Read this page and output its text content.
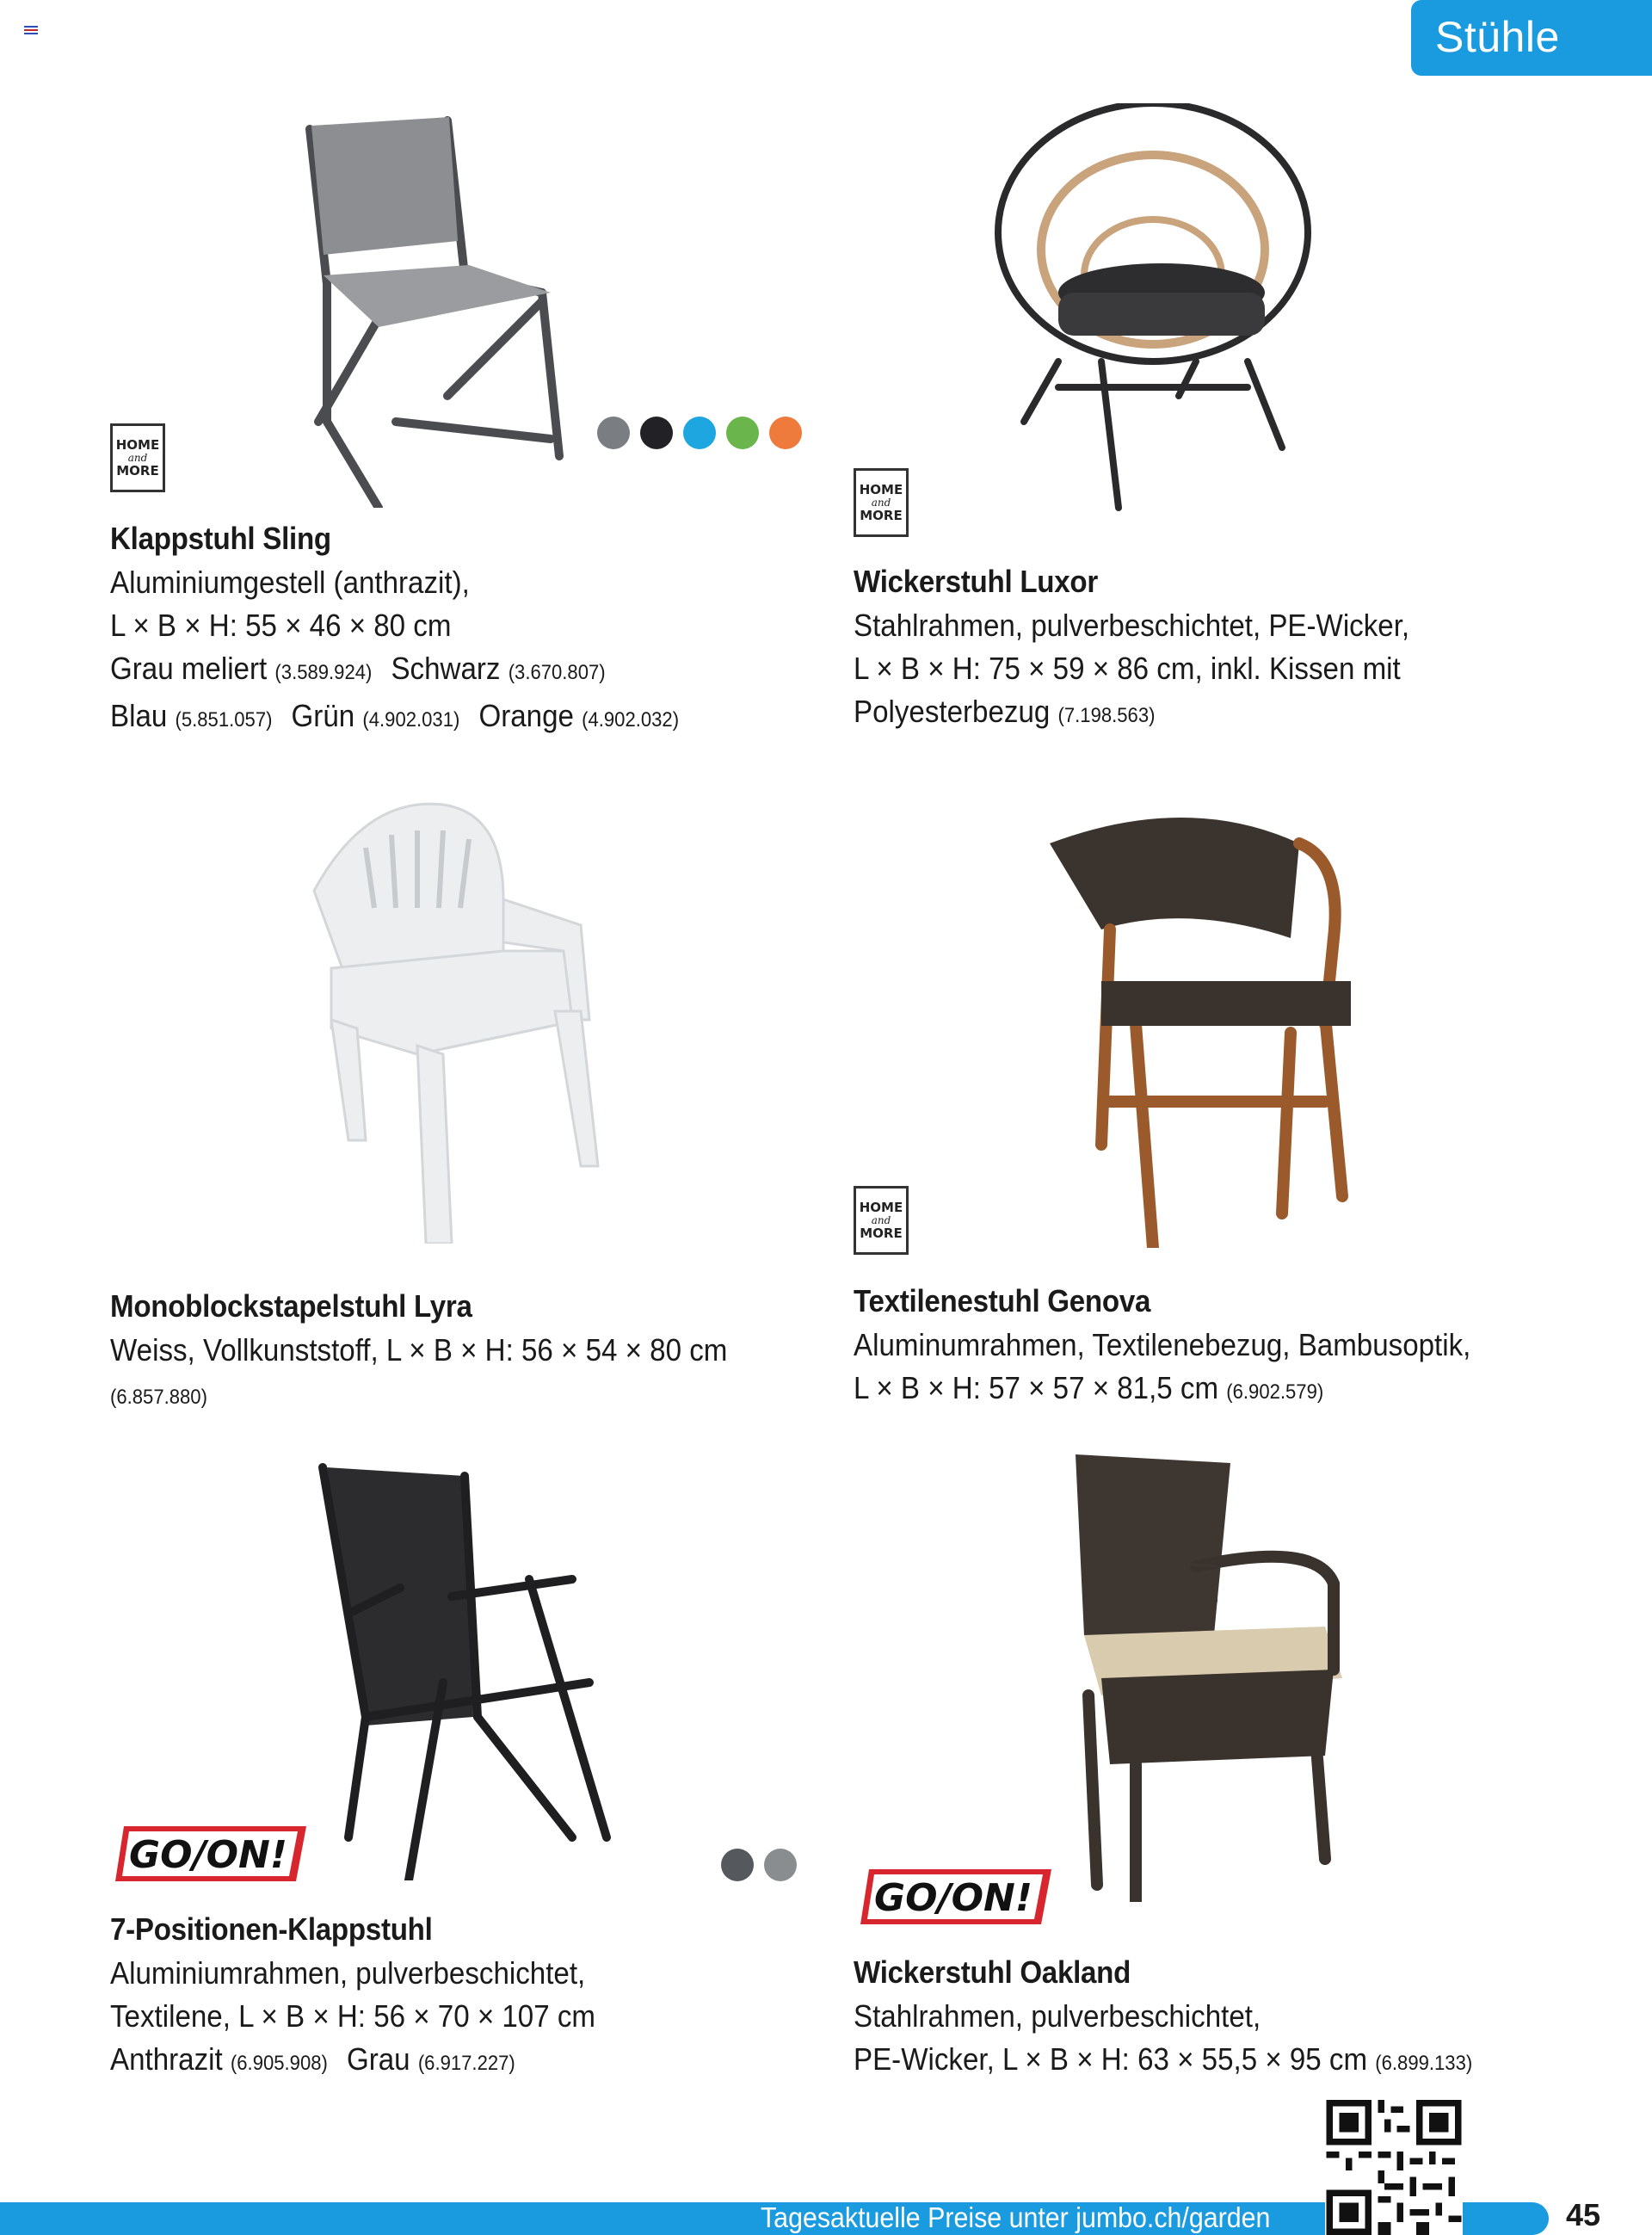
Stühle
HOME
and
MORE
Klappstuhl Sling
Aluminiumgestell (anthrazit),
L × B × H: 55 × 46 × 80 cm
Grau meliert (3.589.924) Schwarz (3.670.807)
Blau (5.851.057) Grün (4.902.031) Orange (4.902.032)
HOME
and
MORE
Wickerstuhl Luxor
Stahlrahmen, pulverbeschichtet, PE-Wicker,
L × B × H: 75 × 59 × 86 cm, inkl. Kissen mit
Polyesterbezug (7.198.563)
Monoblockstapelstuhl Lyra
Weiss, Vollkunststoff, L × B × H: 56 × 54 × 80 cm
(6.857.880)
HOME
and
MORE
Textilenestuhl Genova
Aluminumrahmen, Textilenebezug, Bambusoptik,
L × B × H: 57 × 57 × 81,5 cm (6.902.579)
GO/ON!
7-Positionen-Klappstuhl
Aluminiumrahmen, pulverbeschichtet,
Textilene, L × B × H: 56 × 70 × 107 cm
Anthrazit (6.905.908) Grau (6.917.227)
GO/ON!
Wickerstuhl Oakland
Stahlrahmen, pulverbeschichtet,
PE-Wicker, L × B × H: 63 × 55,5 × 95 cm (6.899.133)
Tagesaktuelle Preise unter jumbo.ch/garden	45
